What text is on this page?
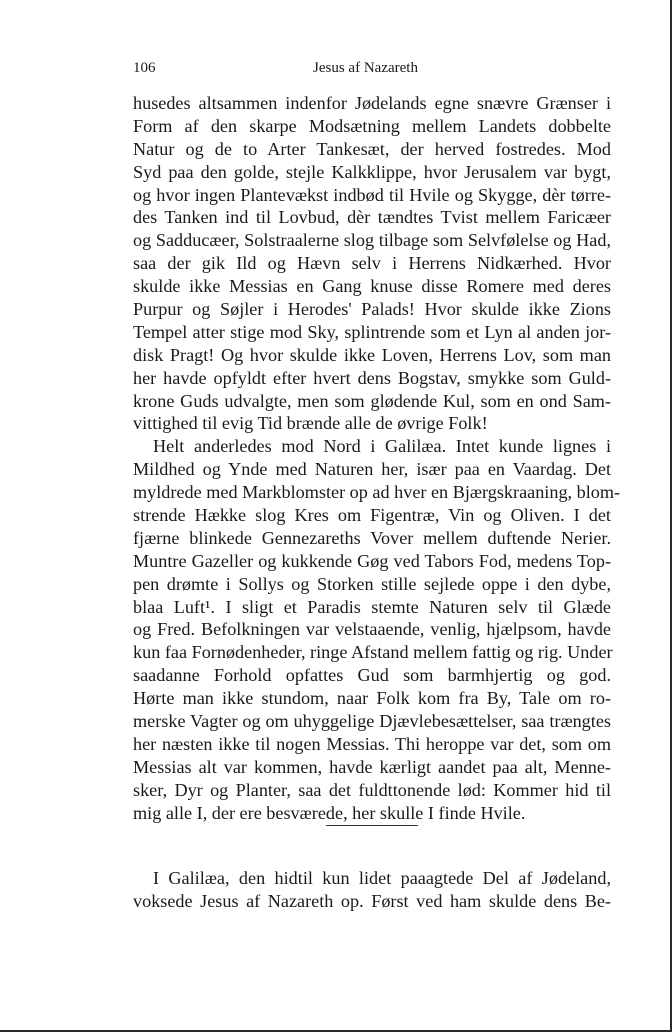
106	Jesus af Nazareth
husedes altsammen indenfor Jødelands egne snævre Grænser i
Form af den skarpe Modsætning mellem Landets dobbelte
Natur og de to Arter Tankesæt, der herved fostredes. Mod
Syd paa den golde, stejle Kalkklippe, hvor Jerusalem var bygt,
og hvor ingen Plantevækst indbød til Hvile og Skygge, dèr tørre-
des Tanken ind til Lovbud, dèr tændtes Tvist mellem Faricæer
og Sadducæer, Solstraalerne slog tilbage som Selvfølelse og Had,
saa der gik Ild og Hævn selv i Herrens Nidkærhed. Hvor
skulde ikke Messias en Gang knuse disse Romere med deres
Purpur og Søjler i Herodes' Palads! Hvor skulde ikke Zions
Tempel atter stige mod Sky, splintrende som et Lyn al anden jor-
disk Pragt! Og hvor skulde ikke Loven, Herrens Lov, som man
her havde opfyldt efter hvert dens Bogstav, smykke som Guld-
krone Guds udvalgte, men som glødende Kul, som en ond Sam-
vittighed til evig Tid brænde alle de øvrige Folk!
Helt anderledes mod Nord i Galilæa. Intet kunde lignes i
Mildhed og Ynde med Naturen her, især paa en Vaardag. Det
myldrede med Markblomster op ad hver en Bjærgskraaning, blom-
strende Hække slog Kres om Figentræ, Vin og Oliven. I det
fjærne blinkede Gennezareths Vover mellem duftende Nerier.
Muntre Gazeller og kukkende Gøg ved Tabors Fod, medens Top-
pen drømte i Sollys og Storken stille sejlede oppe i den dybe,
blaa Luft¹. I sligt et Paradis stemte Naturen selv til Glæde
og Fred. Befolkningen var velstaaende, venlig, hjælpsom, havde
kun faa Fornødenheder, ringe Afstand mellem fattig og rig. Under
saadanne Forhold opfattes Gud som barmhjertig og god.
Hørte man ikke stundom, naar Folk kom fra By, Tale om ro-
merske Vagter og om uhyggelige Djævlebesættelser, saa trængtes
her næsten ikke til nogen Messias. Thi heroppe var det, som om
Messias alt var kommen, havde kærligt aandet paa alt, Menne-
sker, Dyr og Planter, saa det fuldttonende lød: Kommer hid til
mig alle I, der ere besværede, her skulle I finde Hvile.
I Galilæa, den hidtil kun lidet paaagtede Del af Jødeland,
voksede Jesus af Nazareth op. Først ved ham skulde dens Be-
